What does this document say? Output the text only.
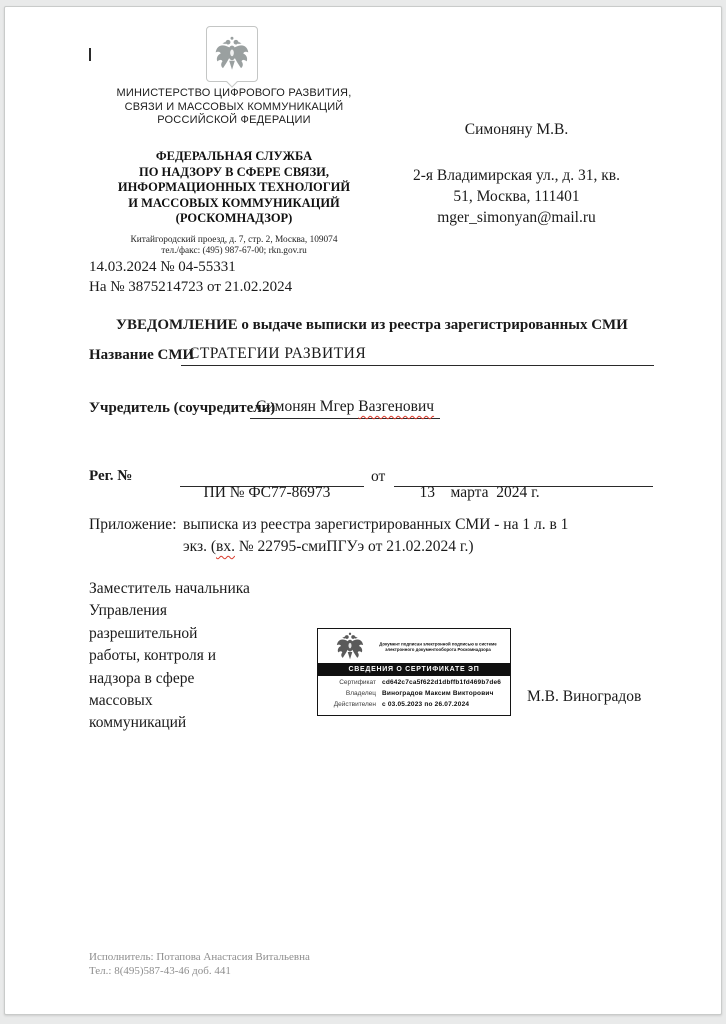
МИНИСТЕРСТВО ЦИФРОВОГО РАЗВИТИЯ,
СВЯЗИ И МАССОВЫХ КОММУНИКАЦИЙ
РОССИЙСКОЙ ФЕДЕРАЦИИ
ФЕДЕРАЛЬНАЯ СЛУЖБА
ПО НАДЗОРУ В СФЕРЕ СВЯЗИ,
ИНФОРМАЦИОННЫХ ТЕХНОЛОГИЙ
И МАССОВЫХ КОММУНИКАЦИЙ
(РОСКОМНАДЗОР)
Китайгородский проезд, д. 7, стр. 2, Москва, 109074
тел./факс: (495) 987-67-00; rkn.gov.ru
Симоняну М.В.
2-я Владимирская ул., д. 31, кв.
51, Москва, 111401
mger_simonyan@mail.ru
14.03.2024 № 04-55331
На № 3875214723 от 21.02.2024
УВЕДОМЛЕНИЕ о выдаче выписки из реестра зарегистрированных СМИ
Название СМИ
СТРАТЕГИИ РАЗВИТИЯ
Учредитель (соучредители)
Симонян Мгер Вазгенович
Рег. №

ПИ № ФС77-86973

от

13    марта  2024 г.

Приложение: выписка из реестра зарегистрированных СМИ - на 1 л. в 1
экз. (вх. № 22795-смиПГУэ от 21.02.2024 г.)
Заместитель начальника
Управления
разрешительной
работы, контроля и
надзора в сфере
массовых
коммуникаций
Документ подписан электронной подписью в системе электронного документооборота Роскомнадзора
СВЕДЕНИЯ О СЕРТИФИКАТЕ ЭП
Сертификат cd642c7ca5f622d1dbffb1fd469b7de6
Владелец Виноградов Максим Викторович
Действителен с 03.05.2023 по 26.07.2024	М.В. Виноградов
Исполнитель: Потапова Анастасия Витальевна
Тел.: 8(495)587-43-46 доб. 441
